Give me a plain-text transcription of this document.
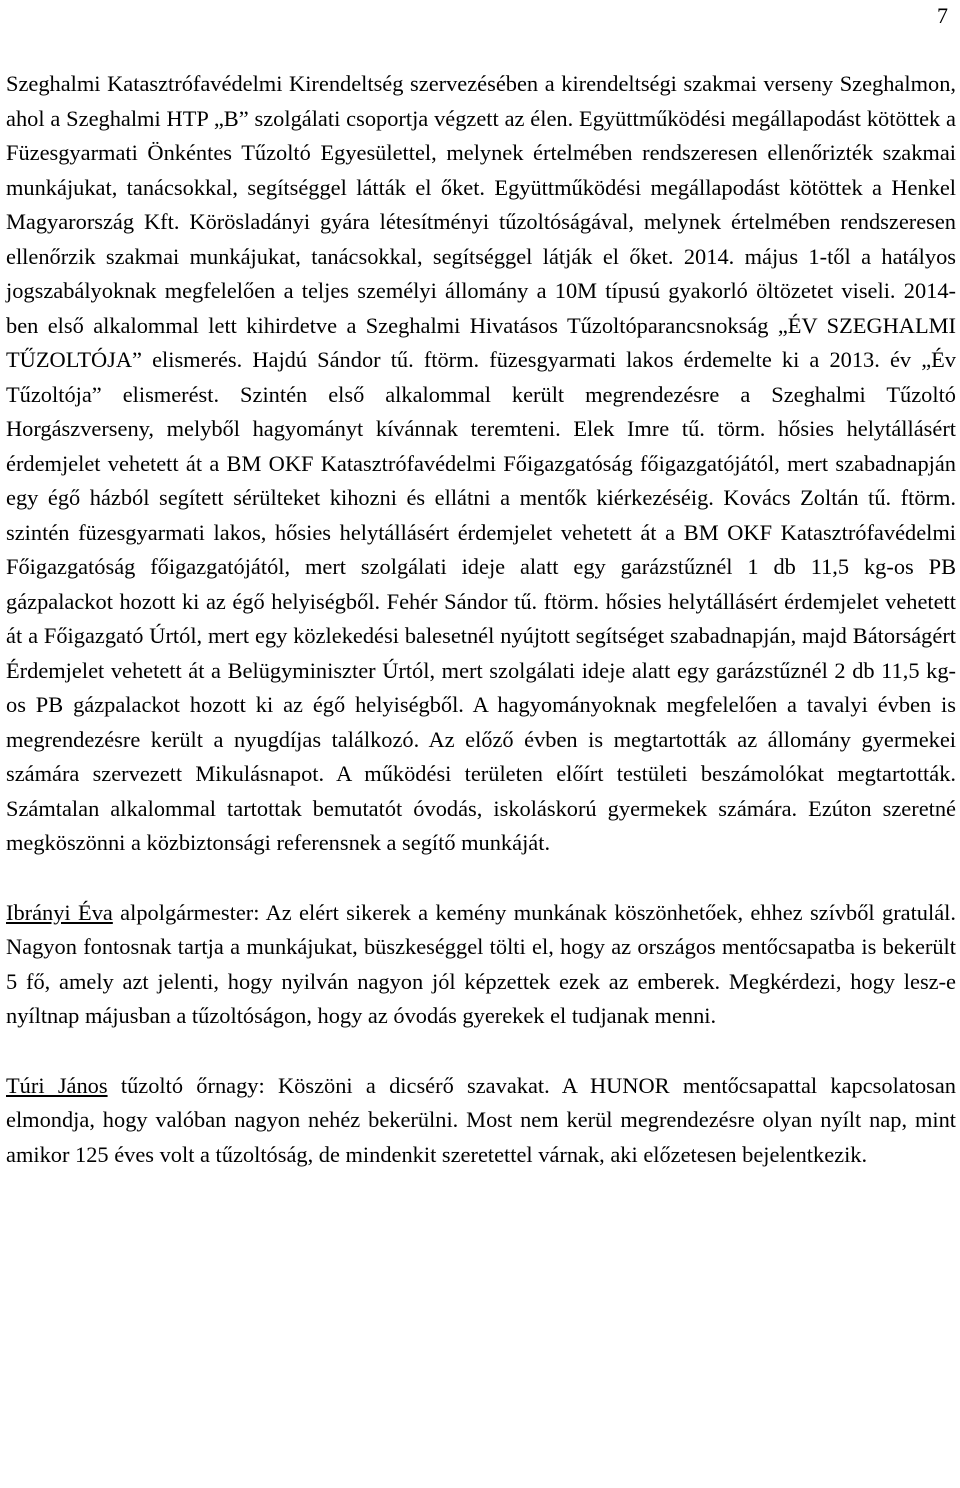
7

Szeghalmi Katasztrófavédelmi Kirendeltség szervezésében a kirendeltségi szakmai verseny Szeghalmon, ahol a Szeghalmi HTP „B” szolgálati csoportja végzett az élen. Együttműködési megállapodást kötöttek a Füzesgyarmati Önkéntes Tűzoltó Egyesülettel, melynek értelmében rendszeresen ellenőrizték szakmai munkájukat, tanácsokkal, segítséggel látták el őket. Együttműködési megállapodást kötöttek a Henkel Magyarország Kft. Körösladányi gyára létesítményi tűzoltóságával, melynek értelmében rendszeresen ellenőrzik szakmai munkájukat, tanácsokkal, segítséggel látják el őket. 2014. május 1-től a hatályos jogszabályoknak megfelelően a teljes személyi állomány a 10M típusú gyakorló öltözetet viseli. 2014-ben első alkalommal lett kihirdetve a Szeghalmi Hivatásos Tűzoltóparancsnokság „ÉV SZEGHALMI TŰZOLTÓJA” elismerés. Hajdú Sándor tű. ftörm. füzesgyarmati lakos érdemelte ki a 2013. év „Év Tűzoltója” elismerést. Szintén első alkalommal került megrendezésre a Szeghalmi Tűzoltó Horgászverseny, melyből hagyományt kívánnak teremteni. Elek Imre tű. törm. hősies helytállásért érdemjelet vehetett át a BM OKF Katasztrófavédelmi Főigazgatóság főigazgatójától, mert szabadnapján egy égő házból segített sérülteket kihozni és ellátni a mentők kiérkezéséig. Kovács Zoltán tű. ftörm. szintén füzesgyarmati lakos, hősies helytállásért érdemjelet vehetett át a BM OKF Katasztrófavédelmi Főigazgatóság főigazgatójától, mert szolgálati ideje alatt egy garázstűznél 1 db 11,5 kg-os PB gázpalackot hozott ki az égő helyiségből. Fehér Sándor tű. ftörm. hősies helytállásért érdemjelet vehetett át a Főigazgató Úrtól, mert egy közlekedési balesetnél nyújtott segítséget szabadnapján, majd Bátorságért Érdemjelet vehetett át a Belügyminiszter Úrtól, mert szolgálati ideje alatt egy garázstűznél 2 db 11,5 kg-os PB gázpalackot hozott ki az égő helyiségből. A hagyományoknak megfelelően a tavalyi évben is megrendezésre került a nyugdíjas találkozó. Az előző évben is megtartották az állomány gyermekei számára szervezett Mikulásnapot. A működési területen előírt testületi beszámolókat megtartották. Számtalan alkalommal tartottak bemutatót óvodás, iskoláskorú gyermekek számára. Ezúton szeretné megköszönni a közbiztonsági referensnek a segítő munkáját.

Ibrányi Éva alpolgármester: Az elért sikerek a kemény munkának köszönhetőek, ehhez szívből gratulál. Nagyon fontosnak tartja a munkájukat, büszkeséggel tölti el, hogy az országos mentőcsapatba is bekerült 5 fő, amely azt jelenti, hogy nyilván nagyon jól képzettek ezek az emberek. Megkérdezi, hogy lesz-e nyíltnap májusban a tűzoltóságon, hogy az óvodás gyerekek el tudjanak menni.

Túri János tűzoltó őrnagy: Köszöni a dicsérő szavakat. A HUNOR mentőcsapattal kapcsolatosan elmondja, hogy valóban nagyon nehéz bekerülni. Most nem kerül megrendezésre olyan nyílt nap, mint amikor 125 éves volt a tűzoltóság, de mindenkit szeretettel várnak, aki előzetesen bejelentkezik.
